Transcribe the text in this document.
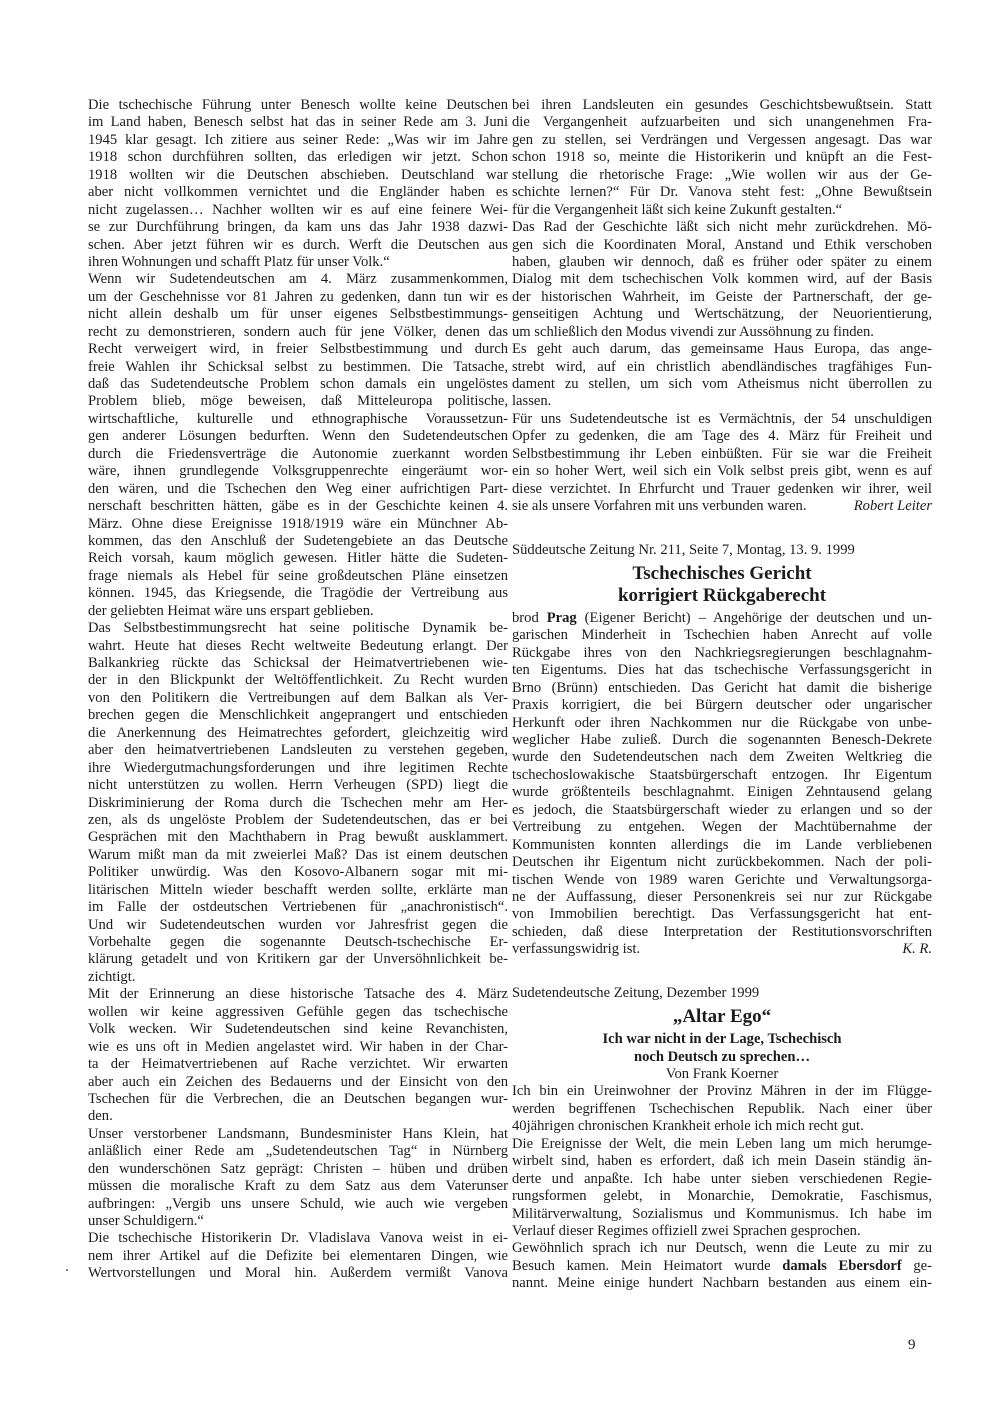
Die tschechische Führung unter Benesch wollte keine Deutschen
im Land haben, Benesch selbst hat das in seiner Rede am 3. Juni
1945 klar gesagt. Ich zitiere aus seiner Rede: „Was wir im Jahre
1918 schon durchführen sollten, das erledigen wir jetzt. Schon
1918 wollten wir die Deutschen abschieben. Deutschland war
aber nicht vollkommen vernichtet und die Engländer haben es
nicht zugelassen… Nachher wollten wir es auf eine feinere Wei-
se zur Durchführung bringen, da kam uns das Jahr 1938 dazwi-
schen. Aber jetzt führen wir es durch. Werft die Deutschen aus
ihren Wohnungen und schafft Platz für unser Volk.“
Wenn wir Sudetendeutschen am 4. März zusammenkommen,
um der Geschehnisse vor 81 Jahren zu gedenken, dann tun wir es
nicht allein deshalb um für unser eigenes Selbstbestimmungs-
recht zu demonstrieren, sondern auch für jene Völker, denen das
Recht verweigert wird, in freier Selbstbestimmung und durch
freie Wahlen ihr Schicksal selbst zu bestimmen. Die Tatsache,
daß das Sudetendeutsche Problem schon damals ein ungelöstes
Problem blieb, möge beweisen, daß Mitteleuropa politische,
wirtschaftliche, kulturelle und ethnographische Voraussetzun-
gen anderer Lösungen bedurften. Wenn den Sudetendeutschen
durch die Friedensverträge die Autonomie zuerkannt worden
wäre, ihnen grundlegende Volksgruppenrechte eingeräumt wor-
den wären, und die Tschechen den Weg einer aufrichtigen Part-
nerschaft beschritten hätten, gäbe es in der Geschichte keinen 4.
März. Ohne diese Ereignisse 1918/1919 wäre ein Münchner Ab-
kommen, das den Anschluß der Sudetengebiete an das Deutsche
Reich vorsah, kaum möglich gewesen. Hitler hätte die Sudeten-
frage niemals als Hebel für seine großdeutschen Pläne einsetzen
können. 1945, das Kriegsende, die Tragödie der Vertreibung aus
der geliebten Heimat wäre uns erspart geblieben.
Das Selbstbestimmungsrecht hat seine politische Dynamik be-
wahrt. Heute hat dieses Recht weltweite Bedeutung erlangt. Der
Balkankrieg rückte das Schicksal der Heimatvertriebenen wie-
der in den Blickpunkt der Weltöffentlichkeit. Zu Recht wurden
von den Politikern die Vertreibungen auf dem Balkan als Ver-
brechen gegen die Menschlichkeit angeprangert und entschieden
die Anerkennung des Heimatrechtes gefordert, gleichzeitig wird
aber den heimatvertriebenen Landsleuten zu verstehen gegeben,
ihre Wiedergutmachungsforderungen und ihre legitimen Rechte
nicht unterstützen zu wollen. Herrn Verheugen (SPD) liegt die
Diskriminierung der Roma durch die Tschechen mehr am Her-
zen, als ds ungelöste Problem der Sudetendeutschen, das er bei
Gesprächen mit den Machthabern in Prag bewußt ausklammert.
Warum mißt man da mit zweierlei Maß? Das ist einem deutschen
Politiker unwürdig. Was den Kosovo-Albanern sogar mit mi-
litärischen Mitteln wieder beschafft werden sollte, erklärte man
im Falle der ostdeutschen Vertriebenen für „anachronistisch“.
Und wir Sudetendeutschen wurden vor Jahresfrist gegen die
Vorbehalte gegen die sogenannte Deutsch-tschechische Er-
klärung getadelt und von Kritikern gar der Unversöhnlichkeit be-
zichtigt.
Mit der Erinnerung an diese historische Tatsache des 4. März
wollen wir keine aggressiven Gefühle gegen das tschechische
Volk wecken. Wir Sudetendeutschen sind keine Revanchisten,
wie es uns oft in Medien angelastet wird. Wir haben in der Char-
ta der Heimatvertriebenen auf Rache verzichtet. Wir erwarten
aber auch ein Zeichen des Bedauerns und der Einsicht von den
Tschechen für die Verbrechen, die an Deutschen begangen wur-
den.
Unser verstorbener Landsmann, Bundesminister Hans Klein, hat
anläßlich einer Rede am „Sudetendeutschen Tag“ in Nürnberg
den wunderschönen Satz geprägt: Christen – hüben und drüben
müssen die moralische Kraft zu dem Satz aus dem Vaterunser
aufbringen: „Vergib uns unsere Schuld, wie auch wie vergeben
unser Schuldigern.“
Die tschechische Historikerin Dr. Vladislava Vanova weist in ei-
nem ihrer Artikel auf die Defizite bei elementaren Dingen, wie
Wertvorstellungen und Moral hin. Außerdem vermißt Vanova
bei ihren Landsleuten ein gesundes Geschichtsbewußtsein. Statt
die Vergangenheit aufzuarbeiten und sich unangenehmen Fra-
gen zu stellen, sei Verdrängen und Vergessen angesagt. Das war
schon 1918 so, meinte die Historikerin und knüpft an die Fest-
stellung die rhetorische Frage: „Wie wollen wir aus der Ge-
schichte lernen?“ Für Dr. Vanova steht fest: „Ohne Bewußtsein
für die Vergangenheit läßt sich keine Zukunft gestalten.“
Das Rad der Geschichte läßt sich nicht mehr zurückdrehen. Mö-
gen sich die Koordinaten Moral, Anstand und Ethik verschoben
haben, glauben wir dennoch, daß es früher oder später zu einem
Dialog mit dem tschechischen Volk kommen wird, auf der Basis
der historischen Wahrheit, im Geiste der Partnerschaft, der ge-
genseitigen Achtung und Wertschätzung, der Neuorientierung,
um schließlich den Modus vivendi zur Aussöhnung zu finden.
Es geht auch darum, das gemeinsame Haus Europa, das ange-
strebt wird, auf ein christlich abendländisches tragfähiges Fun-
dament zu stellen, um sich vom Atheismus nicht überrollen zu
lassen.
Für uns Sudetendeutsche ist es Vermächtnis, der 54 unschuldigen
Opfer zu gedenken, die am Tage des 4. März für Freiheit und
Selbstbestimmung ihr Leben einbüßten. Für sie war die Freiheit
ein so hoher Wert, weil sich ein Volk selbst preis gibt, wenn es auf
diese verzichtet. In Ehrfurcht und Trauer gedenken wir ihrer, weil
sie als unsere Vorfahren mit uns verbunden waren.	Robert Leiter
Süddeutsche Zeitung Nr. 211, Seite 7, Montag, 13. 9. 1999
Tschechisches Gericht
korrigiert Rückgaberecht
brod Prag (Eigener Bericht) – Angehörige der deutschen und un-
garischen Minderheit in Tschechien haben Anrecht auf volle
Rückgabe ihres von den Nachkriegsregierungen beschlagnahm-
ten Eigentums. Dies hat das tschechische Verfassungsgericht in
Brno (Brünn) entschieden. Das Gericht hat damit die bisherige
Praxis korrigiert, die bei Bürgern deutscher oder ungarischer
Herkunft oder ihren Nachkommen nur die Rückgabe von unbe-
weglicher Habe zuließ. Durch die sogenannten Benesch-Dekrete
wurde den Sudetendeutschen nach dem Zweiten Weltkrieg die
tschechoslowakische Staatsbürgerschaft entzogen. Ihr Eigentum
wurde größtenteils beschlagnahmt. Einigen Zehntausend gelang
es jedoch, die Staatsbürgerschaft wieder zu erlangen und so der
Vertreibung zu entgehen. Wegen der Machtübernahme der
Kommunisten konnten allerdings die im Lande verbliebenen
Deutschen ihr Eigentum nicht zurückbekommen. Nach der poli-
tischen Wende von 1989 waren Gerichte und Verwaltungsorga-
ne der Auffassung, dieser Personenkreis sei nur zur Rückgabe
von Immobilien berechtigt. Das Verfassungsgericht hat ent-
schieden, daß diese Interpretation der Restitutionsvorschriften
verfassungswidrig ist.	K. R.
Sudetendeutsche Zeitung, Dezember 1999
„Altar Ego“
Ich war nicht in der Lage, Tschechisch
noch Deutsch zu sprechen…
Von Frank Koerner
Ich bin ein Ureinwohner der Provinz Mähren in der im Flügge-
werden begriffenen Tschechischen Republik. Nach einer über
40jährigen chronischen Krankheit erhole ich mich recht gut.
Die Ereignisse der Welt, die mein Leben lang um mich herumge-
wirbelt sind, haben es erfordert, daß ich mein Dasein ständig än-
derte und anpaßte. Ich habe unter sieben verschiedenen Regie-
rungsformen gelebt, in Monarchie, Demokratie, Faschismus,
Militärverwaltung, Sozialismus und Kommunismus. Ich habe im
Verlauf dieser Regimes offiziell zwei Sprachen gesprochen.
Gewöhnlich sprach ich nur Deutsch, wenn die Leute zu mir zu
Besuch kamen. Mein Heimatort wurde damals Ebersdorf ge-
nannt. Meine einige hundert Nachbarn bestanden aus einem ein-
9
